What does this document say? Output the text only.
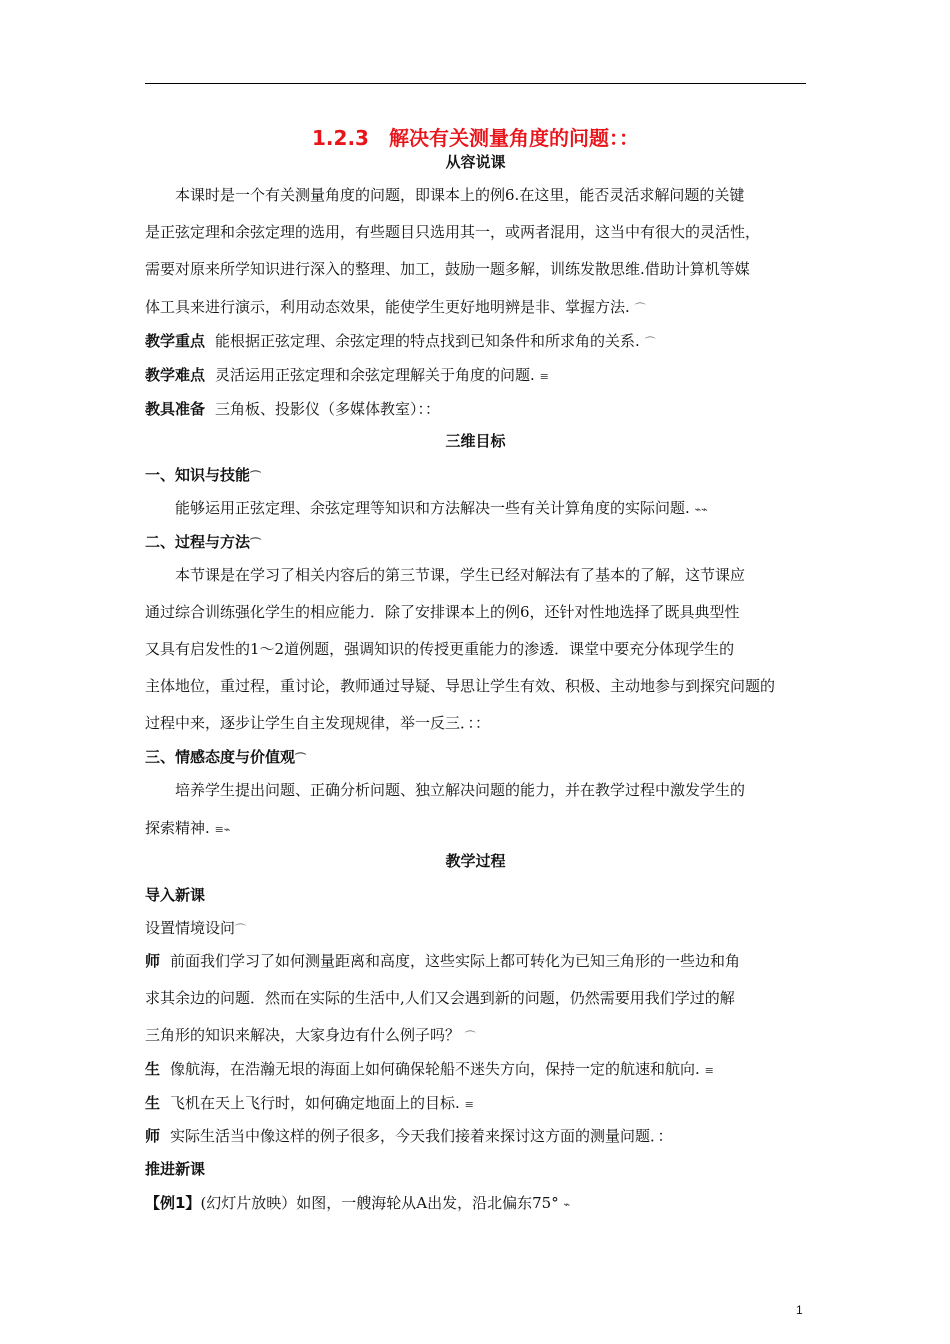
1.2.3　解决有关测量角度的问题：：
从容说课
本课时是一个有关测量角度的问题，即课本上的例6.在这里，能否灵活求解问题的关键
是正弦定理和余弦定理的选用，有些题目只选用其一，或两者混用，这当中有很大的灵活性，
需要对原来所学知识进行深入的整理、加工，鼓励一题多解，训练发散思维.借助计算机等媒
体工具来进行演示，利用动态效果，能使学生更好地明辨是非、掌握方法. ⌒
教学重点 能根据正弦定理、余弦定理的特点找到已知条件和所求角的关系. ⌒
教学难点 灵活运用正弦定理和余弦定理解关于角度的问题. ≡
教具准备 三角板、投影仪（多媒体教室）：：
三维目标
一、知识与技能⌒
能够运用正弦定理、余弦定理等知识和方法解决一些有关计算角度的实际问题. ⌁⌁
二、过程与方法⌒
本节课是在学习了相关内容后的第三节课，学生已经对解法有了基本的了解，这节课应
通过综合训练强化学生的相应能力．除了安排课本上的例6，还针对性地选择了既具典型性
又具有启发性的1～2道例题，强调知识的传授更重能力的渗透．课堂中要充分体现学生的
主体地位，重过程，重讨论，教师通过导疑、导思让学生有效、积极、主动地参与到探究问题的
过程中来，逐步让学生自主发现规律，举一反三．：：
三、情感态度与价值观⌒
培养学生提出问题、正确分析问题、独立解决问题的能力，并在教学过程中激发学生的
探索精神. ≡⌁
教学过程
导入新课
设置情境设问⌒
师 前面我们学习了如何测量距离和高度，这些实际上都可转化为已知三角形的一些边和角
求其余边的问题．然而在实际的生活中,人们又会遇到新的问题，仍然需要用我们学过的解
三角形的知识来解决，大家身边有什么例子吗？ ⌒
生 像航海，在浩瀚无垠的海面上如何确保轮船不迷失方向，保持一定的航速和航向. ≡
生 飞机在天上飞行时，如何确定地面上的目标. ≡
师 实际生活当中像这样的例子很多，今天我们接着来探讨这方面的测量问题．：
推进新课
【例1】(幻灯片放映）如图，一艘海轮从A出发，沿北偏东75° ⌁
1
